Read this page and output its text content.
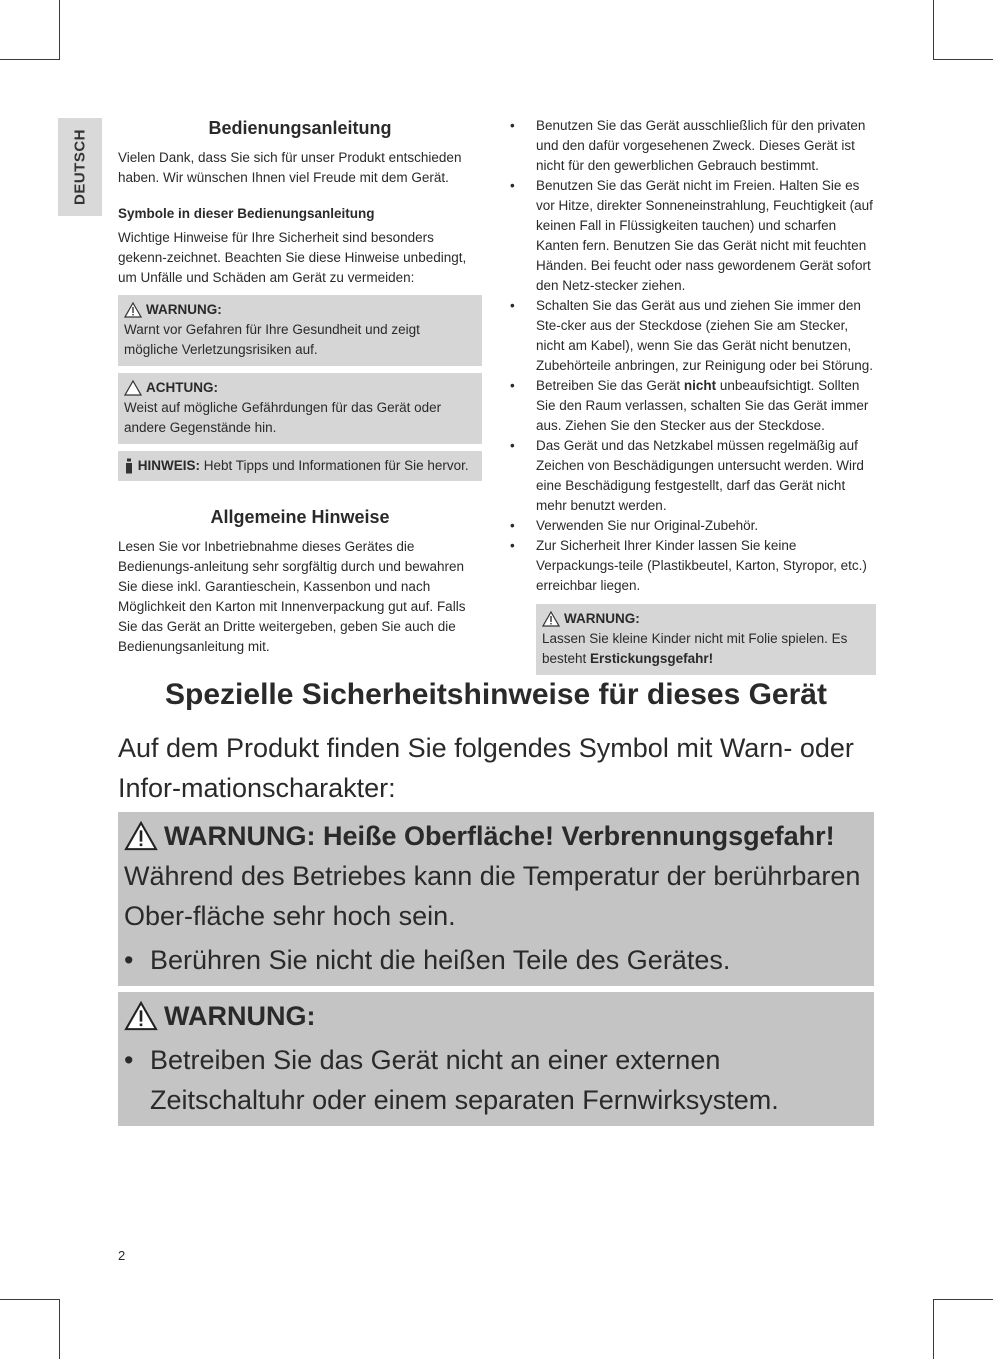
DEUTSCH
Bedienungsanleitung

Vielen Dank, dass Sie sich für unser Produkt entschieden haben. Wir wünschen Ihnen viel Freude mit dem Gerät.

Symbole in dieser Bedienungsanleitung

Wichtige Hinweise für Ihre Sicherheit sind besonders gekenn-zeichnet. Beachten Sie diese Hinweise unbedingt, um Unfälle und Schäden am Gerät zu vermeiden:

WARNUNG:

Warnt vor Gefahren für Ihre Gesundheit und zeigt mögliche Verletzungsrisiken auf.

ACHTUNG:

Weist auf mögliche Gefährdungen für das Gerät oder andere Gegenstände hin.

HINWEIS: Hebt Tipps und Informationen für Sie hervor.
Allgemeine Hinweise

Lesen Sie vor Inbetriebnahme dieses Gerätes die Bedienungs-anleitung sehr sorgfältig durch und bewahren Sie diese inkl. Garantieschein, Kassenbon und nach Möglichkeit den Karton mit Innenverpackung gut auf. Falls Sie das Gerät an Dritte weitergeben, geben Sie auch die Bedienungsanleitung mit.

• Benutzen Sie das Gerät ausschließlich für den privaten und den dafür vorgesehenen Zweck. Dieses Gerät ist nicht für den gewerblichen Gebrauch bestimmt.
• Benutzen Sie das Gerät nicht im Freien. Halten Sie es vor Hitze, direkter Sonneneinstrahlung, Feuchtigkeit (auf keinen Fall in Flüssigkeiten tauchen) und scharfen Kanten fern. Benutzen Sie das Gerät nicht mit feuchten Händen. Bei feucht oder nass gewordenem Gerät sofort den Netz-stecker ziehen.
• Schalten Sie das Gerät aus und ziehen Sie immer den Ste-cker aus der Steckdose (ziehen Sie am Stecker, nicht am Kabel), wenn Sie das Gerät nicht benutzen, Zubehörteile anbringen, zur Reinigung oder bei Störung.
• Betreiben Sie das Gerät nicht unbeaufsichtigt. Sollten Sie den Raum verlassen, schalten Sie das Gerät immer aus. Ziehen Sie den Stecker aus der Steckdose.
• Das Gerät und das Netzkabel müssen regelmäßig auf Zeichen von Beschädigungen untersucht werden. Wird eine Beschädigung festgestellt, darf das Gerät nicht mehr benutzt werden.
• Verwenden Sie nur Original-Zubehör.
• Zur Sicherheit Ihrer Kinder lassen Sie keine Verpackungs-teile (Plastikbeutel, Karton, Styropor, etc.) erreichbar liegen.
WARNUNG:

Lassen Sie kleine Kinder nicht mit Folie spielen. Es besteht Erstickungsgefahr!

Spezielle Sicherheitshinweise für dieses Gerät

Auf dem Produkt finden Sie folgendes Symbol mit Warn- oder Infor-mationscharakter:

WARNUNG: Heiße Oberfläche! Verbrennungsgefahr!

Während des Betriebes kann die Temperatur der berührbaren Ober-fläche sehr hoch sein.

• Berühren Sie nicht die heißen Teile des Gerätes.
WARNUNG:
• Betreiben Sie das Gerät nicht an einer externen Zeitschaltuhr oder einem separaten Fernwirksystem.
2
